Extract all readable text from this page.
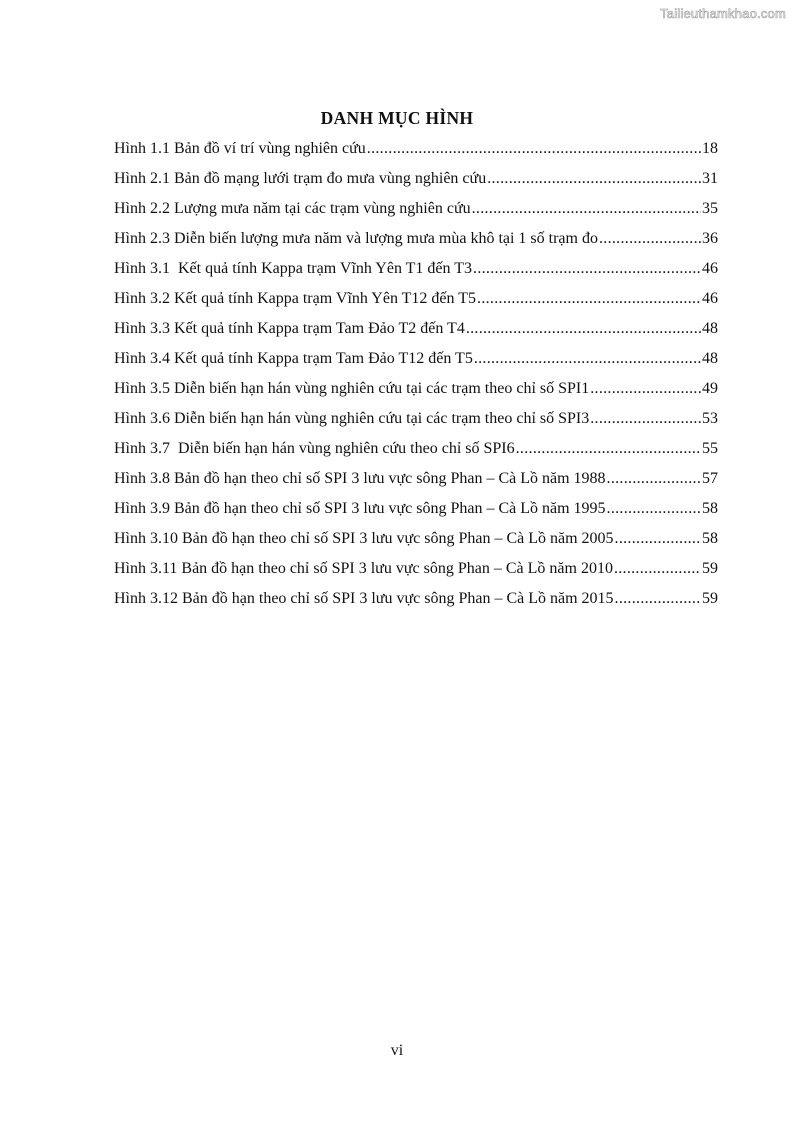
Tailieuthamkhao.com
DANH MỤC HÌNH
Hình 1.1 Bản đồ ví trí vùng nghiên cứu .....	18
Hình 2.1 Bản đồ mạng lưới trạm đo mưa vùng nghiên cứu .....	31
Hình 2.2 Lượng mưa năm tại các trạm vùng nghiên cứu .....	35
Hình 2.3 Diễn biến lượng mưa năm và lượng mưa mùa khô tại 1 số trạm đo .....	36
Hình 3.1  Kết quả tính Kappa trạm Vĩnh Yên T1 đến T3 .....	46
Hình 3.2 Kết quả tính Kappa trạm Vĩnh Yên T12 đến T5 .....	46
Hình 3.3 Kết quả tính Kappa trạm Tam Đảo T2 đến T4 .....	48
Hình 3.4 Kết quả tính Kappa trạm Tam Đảo T12 đến T5 .....	48
Hình 3.5 Diễn biến hạn hán vùng nghiên cứu tại các trạm theo chỉ số SPI1 .....	49
Hình 3.6 Diễn biến hạn hán vùng nghiên cứu tại các trạm theo chỉ số SPI3 .....	53
Hình 3.7  Diễn biến hạn hán vùng nghiên cứu theo chỉ số SPI6 .....	55
Hình 3.8 Bản đồ hạn theo chỉ số SPI 3 lưu vực sông Phan – Cà Lồ năm 1988 .....	57
Hình 3.9 Bản đồ hạn theo chỉ số SPI 3 lưu vực sông Phan – Cà Lồ năm 1995 .....	58
Hình 3.10 Bản đồ hạn theo chỉ số SPI 3 lưu vực sông Phan – Cà Lồ năm 2005 .....	58
Hình 3.11 Bản đồ hạn theo chỉ số SPI 3 lưu vực sông Phan – Cà Lồ năm 2010 .....	59
Hình 3.12 Bản đồ hạn theo chỉ số SPI 3 lưu vực sông Phan – Cà Lồ năm 2015 .....	59
vi
